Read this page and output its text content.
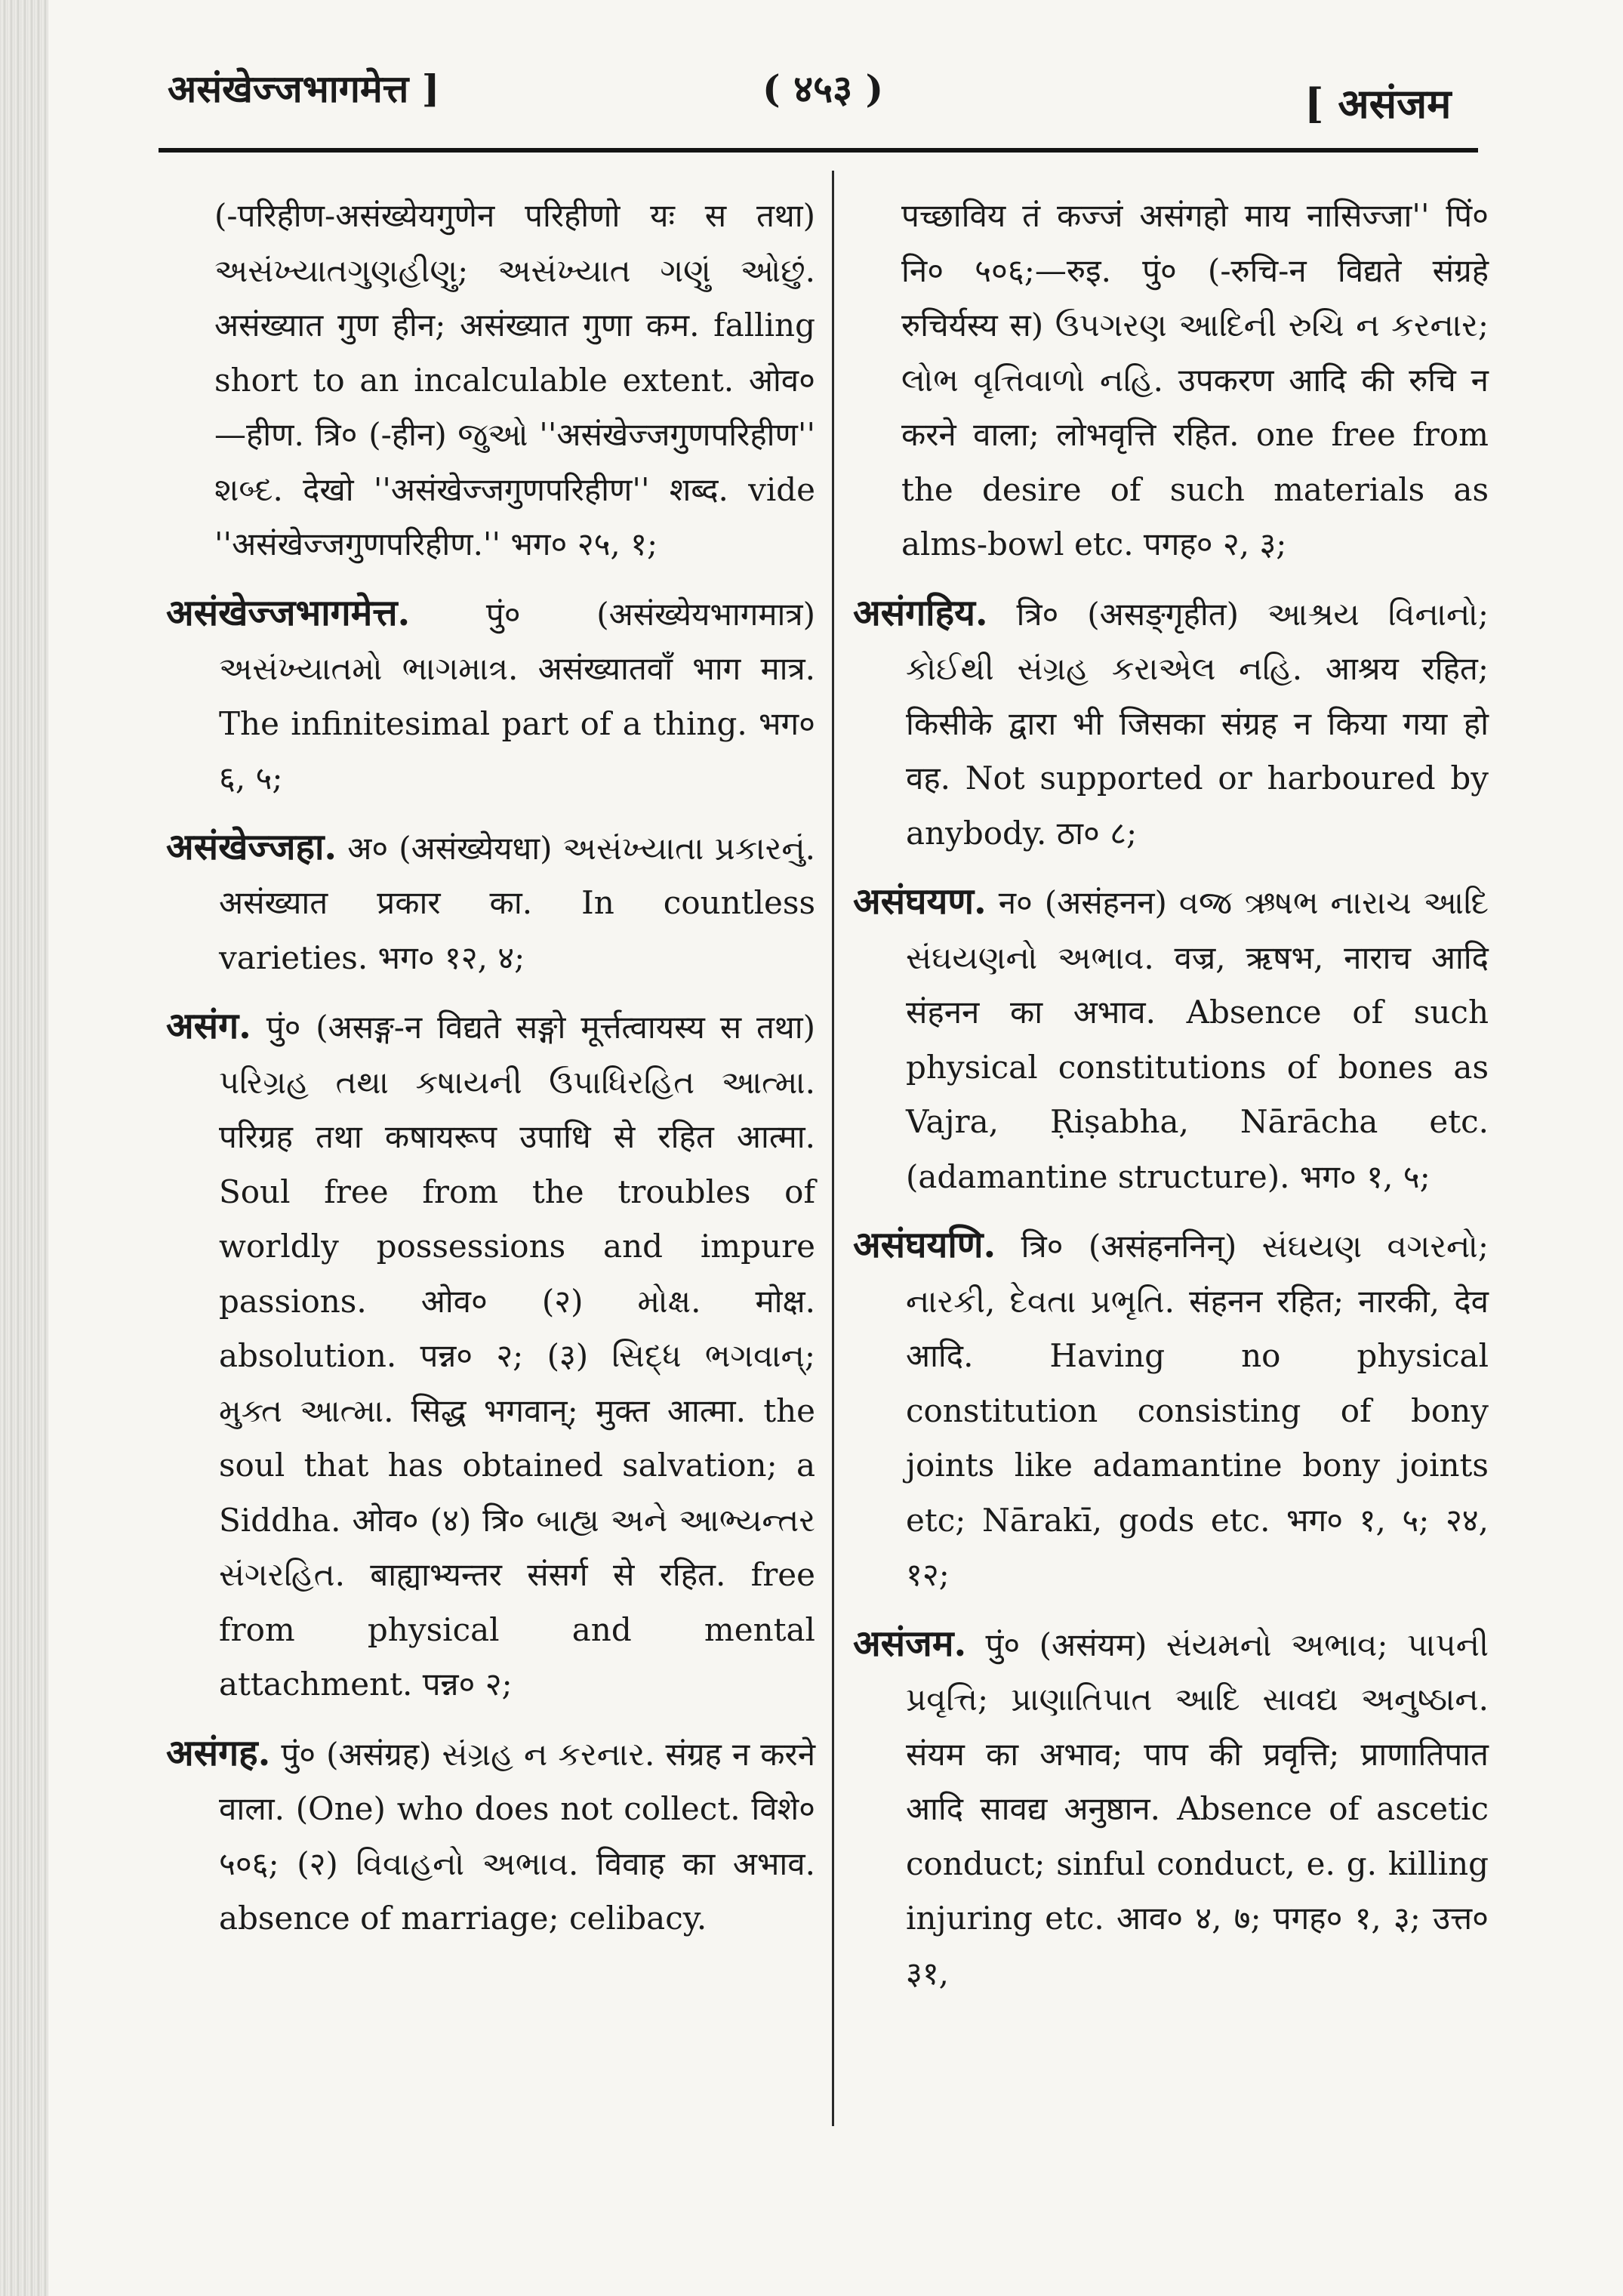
असंखेज्जभागमेत्त ]	( ४५३ )	[ असंजम

(-परिहीण-असंख्येयगुणेन परिहीणो यः स तथा) અસંખ્યાતગુણહીણુ; અસંખ્યાત ગણું ઓછું. असंख्यात गुण हीन; असंख्यात गुणा कम. falling short to an incalculable extent. ओव०—हीण. त्रि० (-हीन) જુઓ ''असंखेज्जगुणपरिहीण'' શબ્દ. देखो ''असंखेज्जगुणपरिहीण'' शब्द. vide ''असंखेज्जगुणपरिहीण.'' भग० २५, १;

असंखेज्जभागमेत्त. पुं० (असंख्येयभागमात्र) અસંખ્યાતમો ભાગમાત્ર. असंख्यातवाँ भाग मात्र. The infinitesimal part of a thing. भग० ६, ५;

असंखेज्जहा. अ० (असंख्येयधा) અસંખ્યાતા પ્રકારનું. असंख्यात प्रकार का. In countless varieties. भग० १२, ४;

असंग. पुं० (असङ्ग-न विद्यते सङ्गो मूर्त्तत्वायस्य स तथा) પરિગ્રહ તથા કષાયની ઉપાધિરહિત આત્મા. परिग्रह तथा कषायरूप उपाधि से रहित आत्मा. Soul free from the troubles of worldly possessions and impure passions. ओव० (२) મોક્ષ. मोक्ष. absolution. पन्न० २; (३) સિદ્ધ ભગવાન્; મુક્ત આત્મા. सिद्ध भगवान्; मुक्त आत्मा. the soul that has obtained salvation; a Siddha. ओव० (४) त्रि० બાહ્ય અને આભ્યન્તર સંગરહિત. बाह्याभ्यन्तर संसर्ग से रहित. free from physical and mental attachment. पन्न० २;

असंगह. पुं० (असंग्रह) સંગ્રહ ન કરનાર. संग्रह न करने वाला. (One) who does not collect. विशे० ५०६; (२) વિવાહનો અભાવ. विवाह का अभाव. absence of marriage; celibacy.

पच्छाविय तं कज्जं असंगहो माय नासिज्जा'' पिं० नि० ५०६;—रुइ. पुं० (-रुचि-न विद्यते संग्रहे रुचिर्यस्य स) ઉપગરણ આદિની રુચિ ન કરનાર; લોભ વૃત્તિવાળો નહિ. उपकरण आदि की रुचि न करने वाला; लोभवृत्ति रहित. one free from the desire of such materials as alms-bowl etc. पगह० २, ३;

असंगहिय. त्रि० (असङ्गृहीत) આશ્રય વિનાનો; કોઈથી સંગ્રહ કરાએલ નહિ. आश्रय रहित; किसीके द्वारा भी जिसका संग्रह न किया गया हो वह. Not supported or harboured by anybody. ठा० ८;

असंघयण. न० (असंहनन) વજ્ર ઋષભ નારાચ આદિ સંઘયણનો અભાવ. वज्र, ऋषभ, नाराच आदि संहनन का अभाव. Absence of such physical constitutions of bones as Vajra, Ṛiṣabha, Nārācha etc. (adamantine structure). भग० १, ५;

असंघयणि. त्रि० (असंहननिन्) સંઘયણ વગરનો; નારકી, દેવતા પ્રભૃતિ. संहनन रहित; नारकी, देव आदि. Having no physical constitution consisting of bony joints like adamantine bony joints etc; Nārakī, gods etc. भग० १, ५; २४, १२;

असंजम. पुं० (असंयम) સંયમનો અભાવ; પાપની પ્રવૃત્તિ; પ્રાણાતિપાત આદિ સાવદ્ય અનુષ્ઠાન. संयम का अभाव; पाप की प्रवृत्ति; प्राणातिपात आदि सावद्य अनुष्ठान. Absence of ascetic conduct; sinful conduct, e. g. killing injuring etc. आव० ४, ७; पगह० १, ३; उत्त० ३१,
